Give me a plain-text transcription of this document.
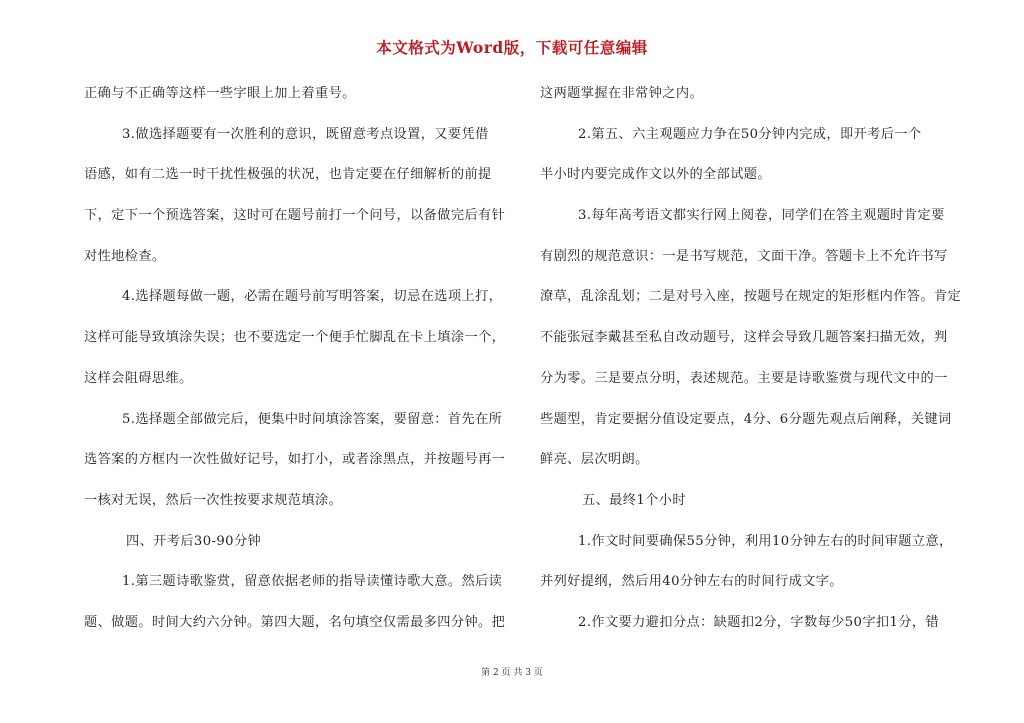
本文格式为Word版，下载可任意编辑
正确与不正确等这样一些字眼上加上着重号。
3.做选择题要有一次胜利的意识，既留意考点设置，又要凭借
语感，如有二选一时干扰性极强的状况，也肯定要在仔细解析的前提
下，定下一个预选答案，这时可在题号前打一个问号，以备做完后有针
对性地检查。
4.选择题每做一题，必需在题号前写明答案，切忌在选项上打，
这样可能导致填涂失误；也不要选定一个便手忙脚乱在卡上填涂一个，
这样会阻碍思维。
5.选择题全部做完后，便集中时间填涂答案，要留意：首先在所
选答案的方框内一次性做好记号，如打小，或者涂黑点，并按题号再一
一核对无误，然后一次性按要求规范填涂。
四、开考后30-90分钟
1.第三题诗歌鉴赏，留意依据老师的指导读懂诗歌大意。然后读
题、做题。时间大约六分钟。第四大题，名句填空仅需最多四分钟。把
这两题掌握在非常钟之内。
2.第五、六主观题应力争在50分钟内完成，即开考后一个
半小时内要完成作文以外的全部试题。
3.每年高考语文都实行网上阅卷，同学们在答主观题时肯定要
有剧烈的规范意识：一是书写规范，文面干净。答题卡上不允许书写
潦草，乱涂乱划；二是对号入座，按题号在规定的矩形框内作答。肯定
不能张冠李戴甚至私自改动题号，这样会导致几题答案扫描无效，判
分为零。三是要点分明，表述规范。主要是诗歌鉴赏与现代文中的一
些题型，肯定要据分值设定要点，4分、6分题先观点后阐释，关键词
鲜亮、层次明朗。
五、最终1个小时
1.作文时间要确保55分钟，利用10分钟左右的时间审题立意，
并列好提纲，然后用40分钟左右的时间行成文字。
2.作文要力避扣分点：缺题扣2分，字数每少50字扣1分，错
第 2 页 共 3 页
